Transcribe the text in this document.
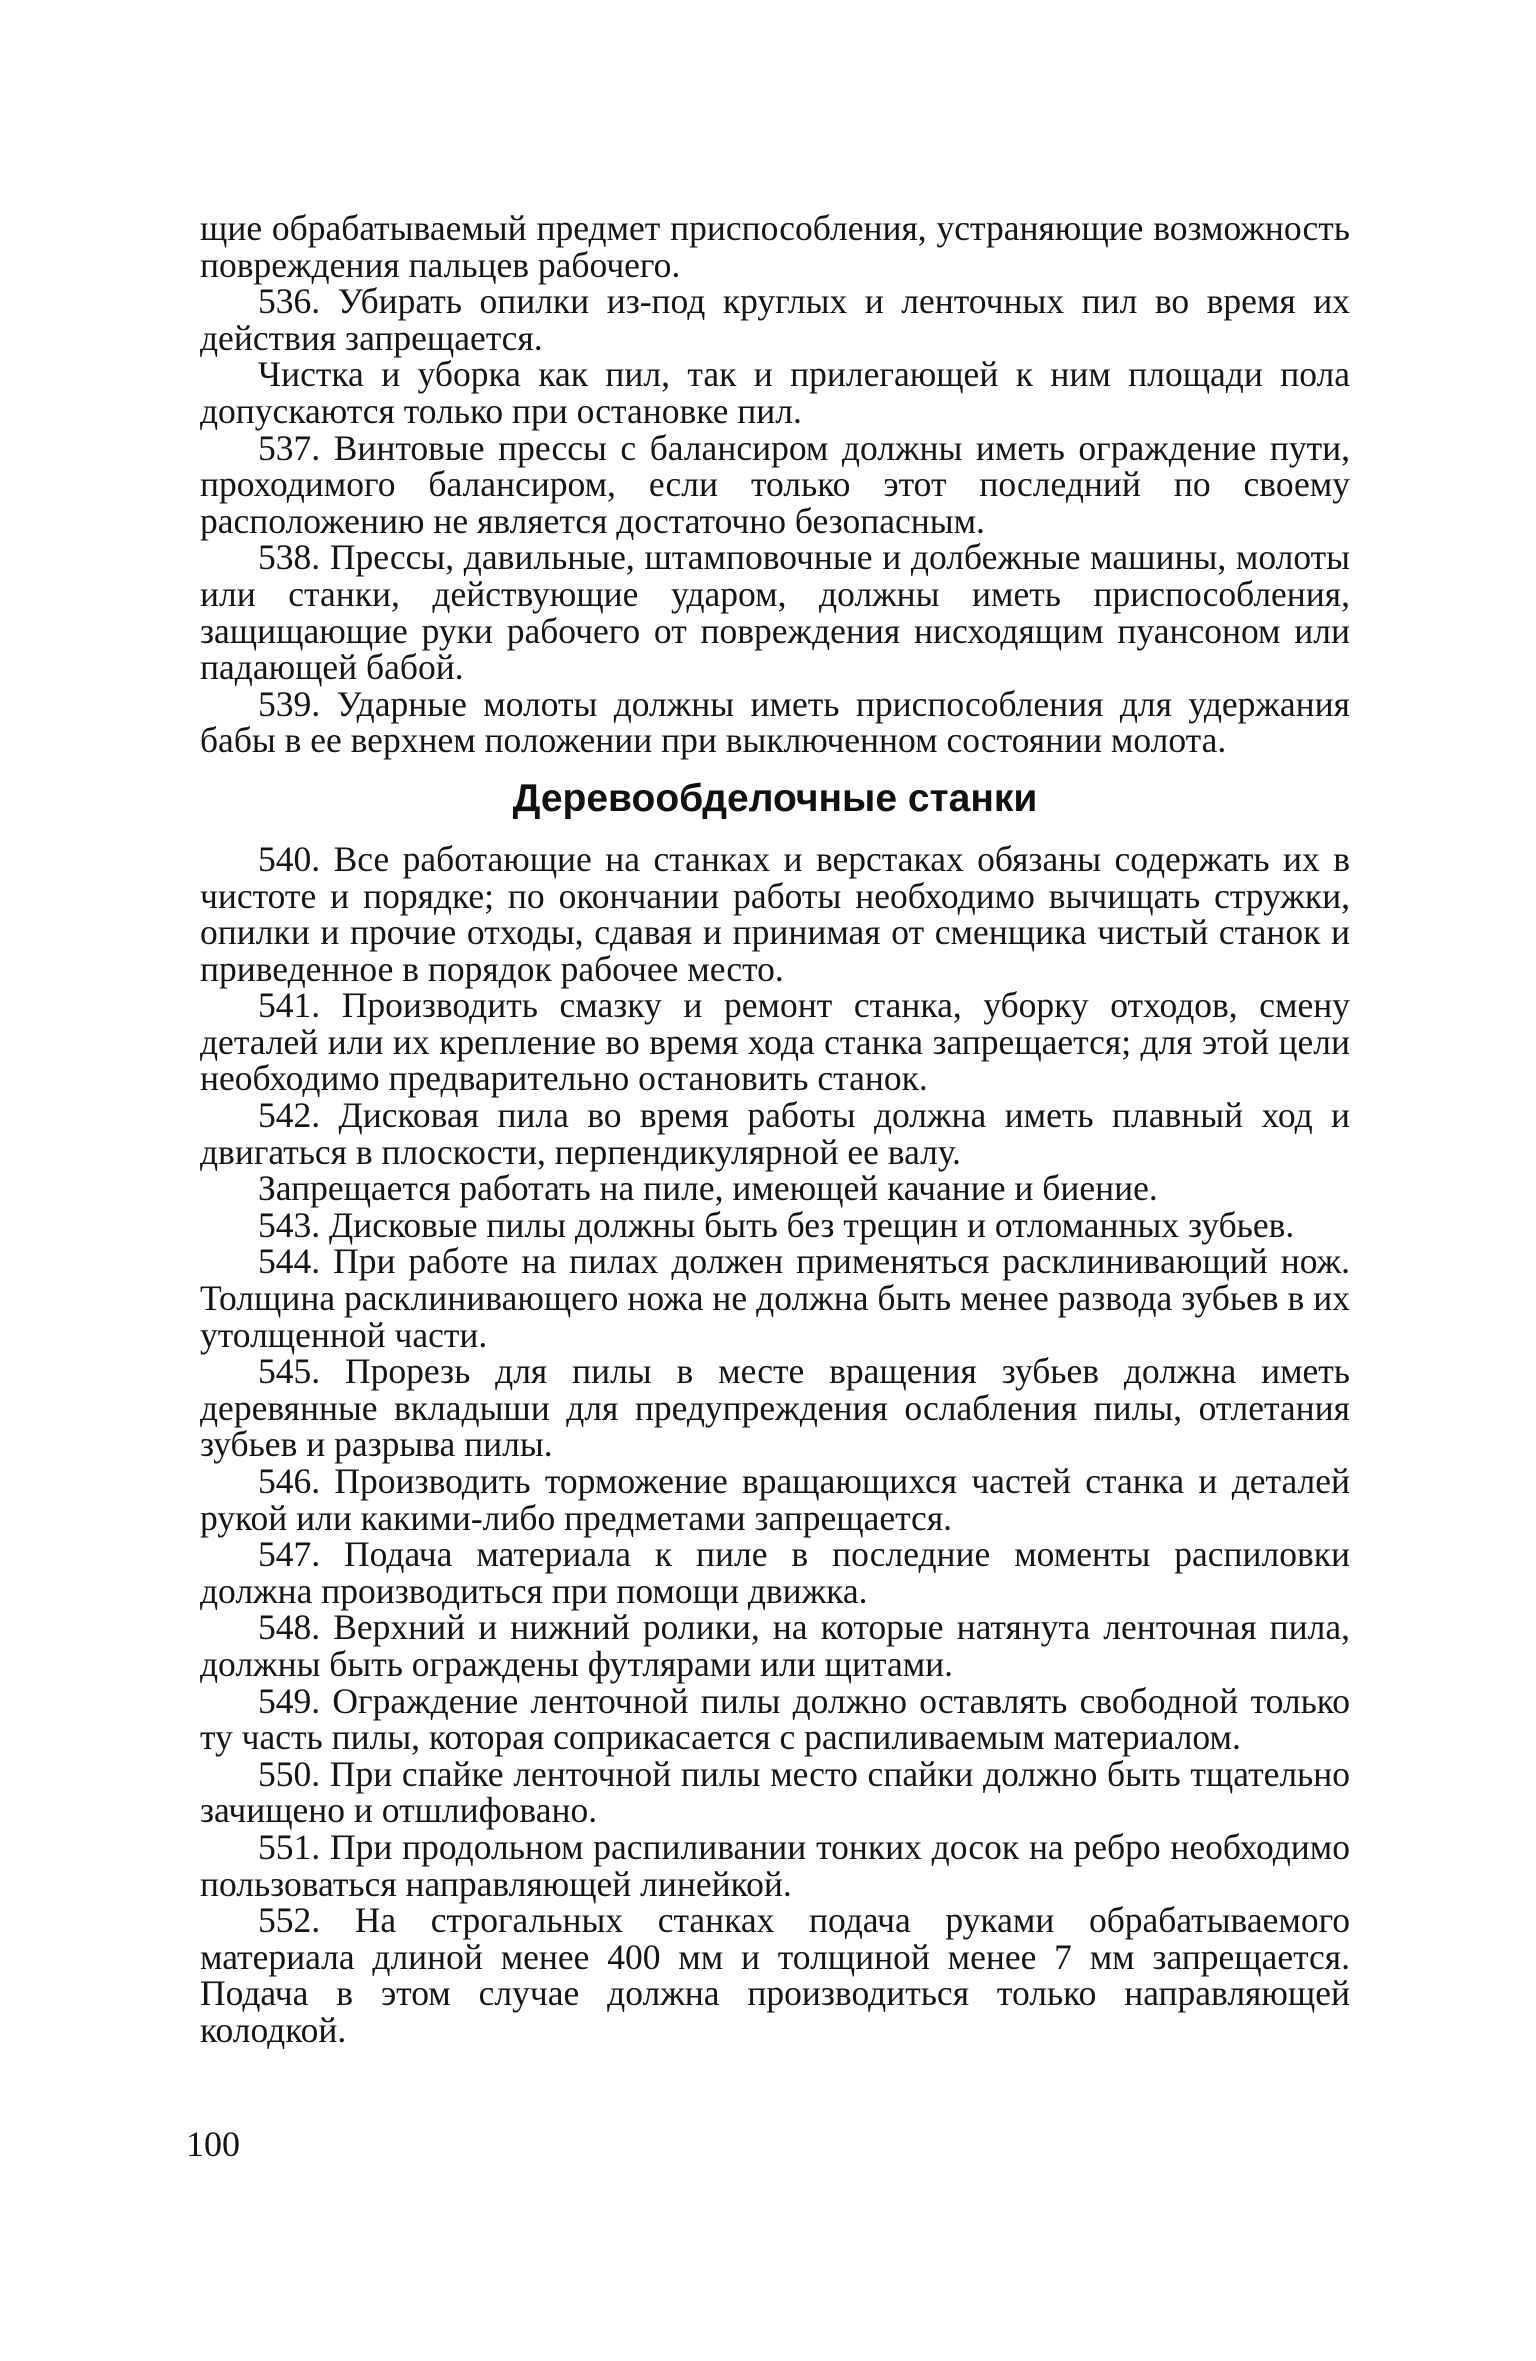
щие обрабатываемый предмет приспособления, устраняющие возможность повреждения пальцев рабочего.

536. Убирать опилки из-под круглых и ленточных пил во время их действия запрещается.

Чистка и уборка как пил, так и прилегающей к ним площади пола допускаются только при остановке пил.

537. Винтовые прессы с балансиром должны иметь ограждение пути, проходимого балансиром, если только этот последний по своему расположению не является достаточно безопасным.

538. Прессы, давильные, штамповочные и долбежные машины, молоты или станки, действующие ударом, должны иметь приспособления, защищающие руки рабочего от повреждения нисходящим пуансоном или падающей бабой.

539. Ударные молоты должны иметь приспособления для удержания бабы в ее верхнем положении при выключенном состоянии молота.

Деревообделочные станки

540. Все работающие на станках и верстаках обязаны содержать их в чистоте и порядке; по окончании работы необходимо вычищать стружки, опилки и прочие отходы, сдавая и принимая от сменщика чистый станок и приведенное в порядок рабочее место.

541. Производить смазку и ремонт станка, уборку отходов, смену деталей или их крепление во время хода станка запрещается; для этой цели необходимо предварительно остановить станок.

542. Дисковая пила во время работы должна иметь плавный ход и двигаться в плоскости, перпендикулярной ее валу.

Запрещается работать на пиле, имеющей качание и биение.

543. Дисковые пилы должны быть без трещин и отломанных зубьев.

544. При работе на пилах должен применяться расклинивaющий нож. Толщина расклинивающего ножа не должна быть менее развода зубьев в их утолщенной части.

545. Прорезь для пилы в месте вращения зубьев должна иметь деревянные вкладыши для предупреждения ослабления пилы, отлетания зубьев и разрыва пилы.

546. Производить торможение вращающихся частей станка и деталей рукой или какими-либо предметами запрещается.

547. Подача материала к пиле в последние моменты распиловки должна производиться при помощи движка.

548. Верхний и нижний ролики, на которые натянута ленточная пила, должны быть ограждены футлярами или щитами.

549. Ограждение ленточной пилы должно оставлять свободной только ту часть пилы, которая соприкасается с распиливаемым материалом.

550. При спайке ленточной пилы место спайки должно быть тщательно зачищено и отшлифовано.

551. При продольном распиливании тонких досок на ребро необходимо пользоваться направляющей линейкой.

552. На строгальных станках подача руками обрабатываемого материала длиной менее 400 мм и толщиной менее 7 мм запрещается. Подача в этом случае должна производиться только направляющей колодкой.

100
